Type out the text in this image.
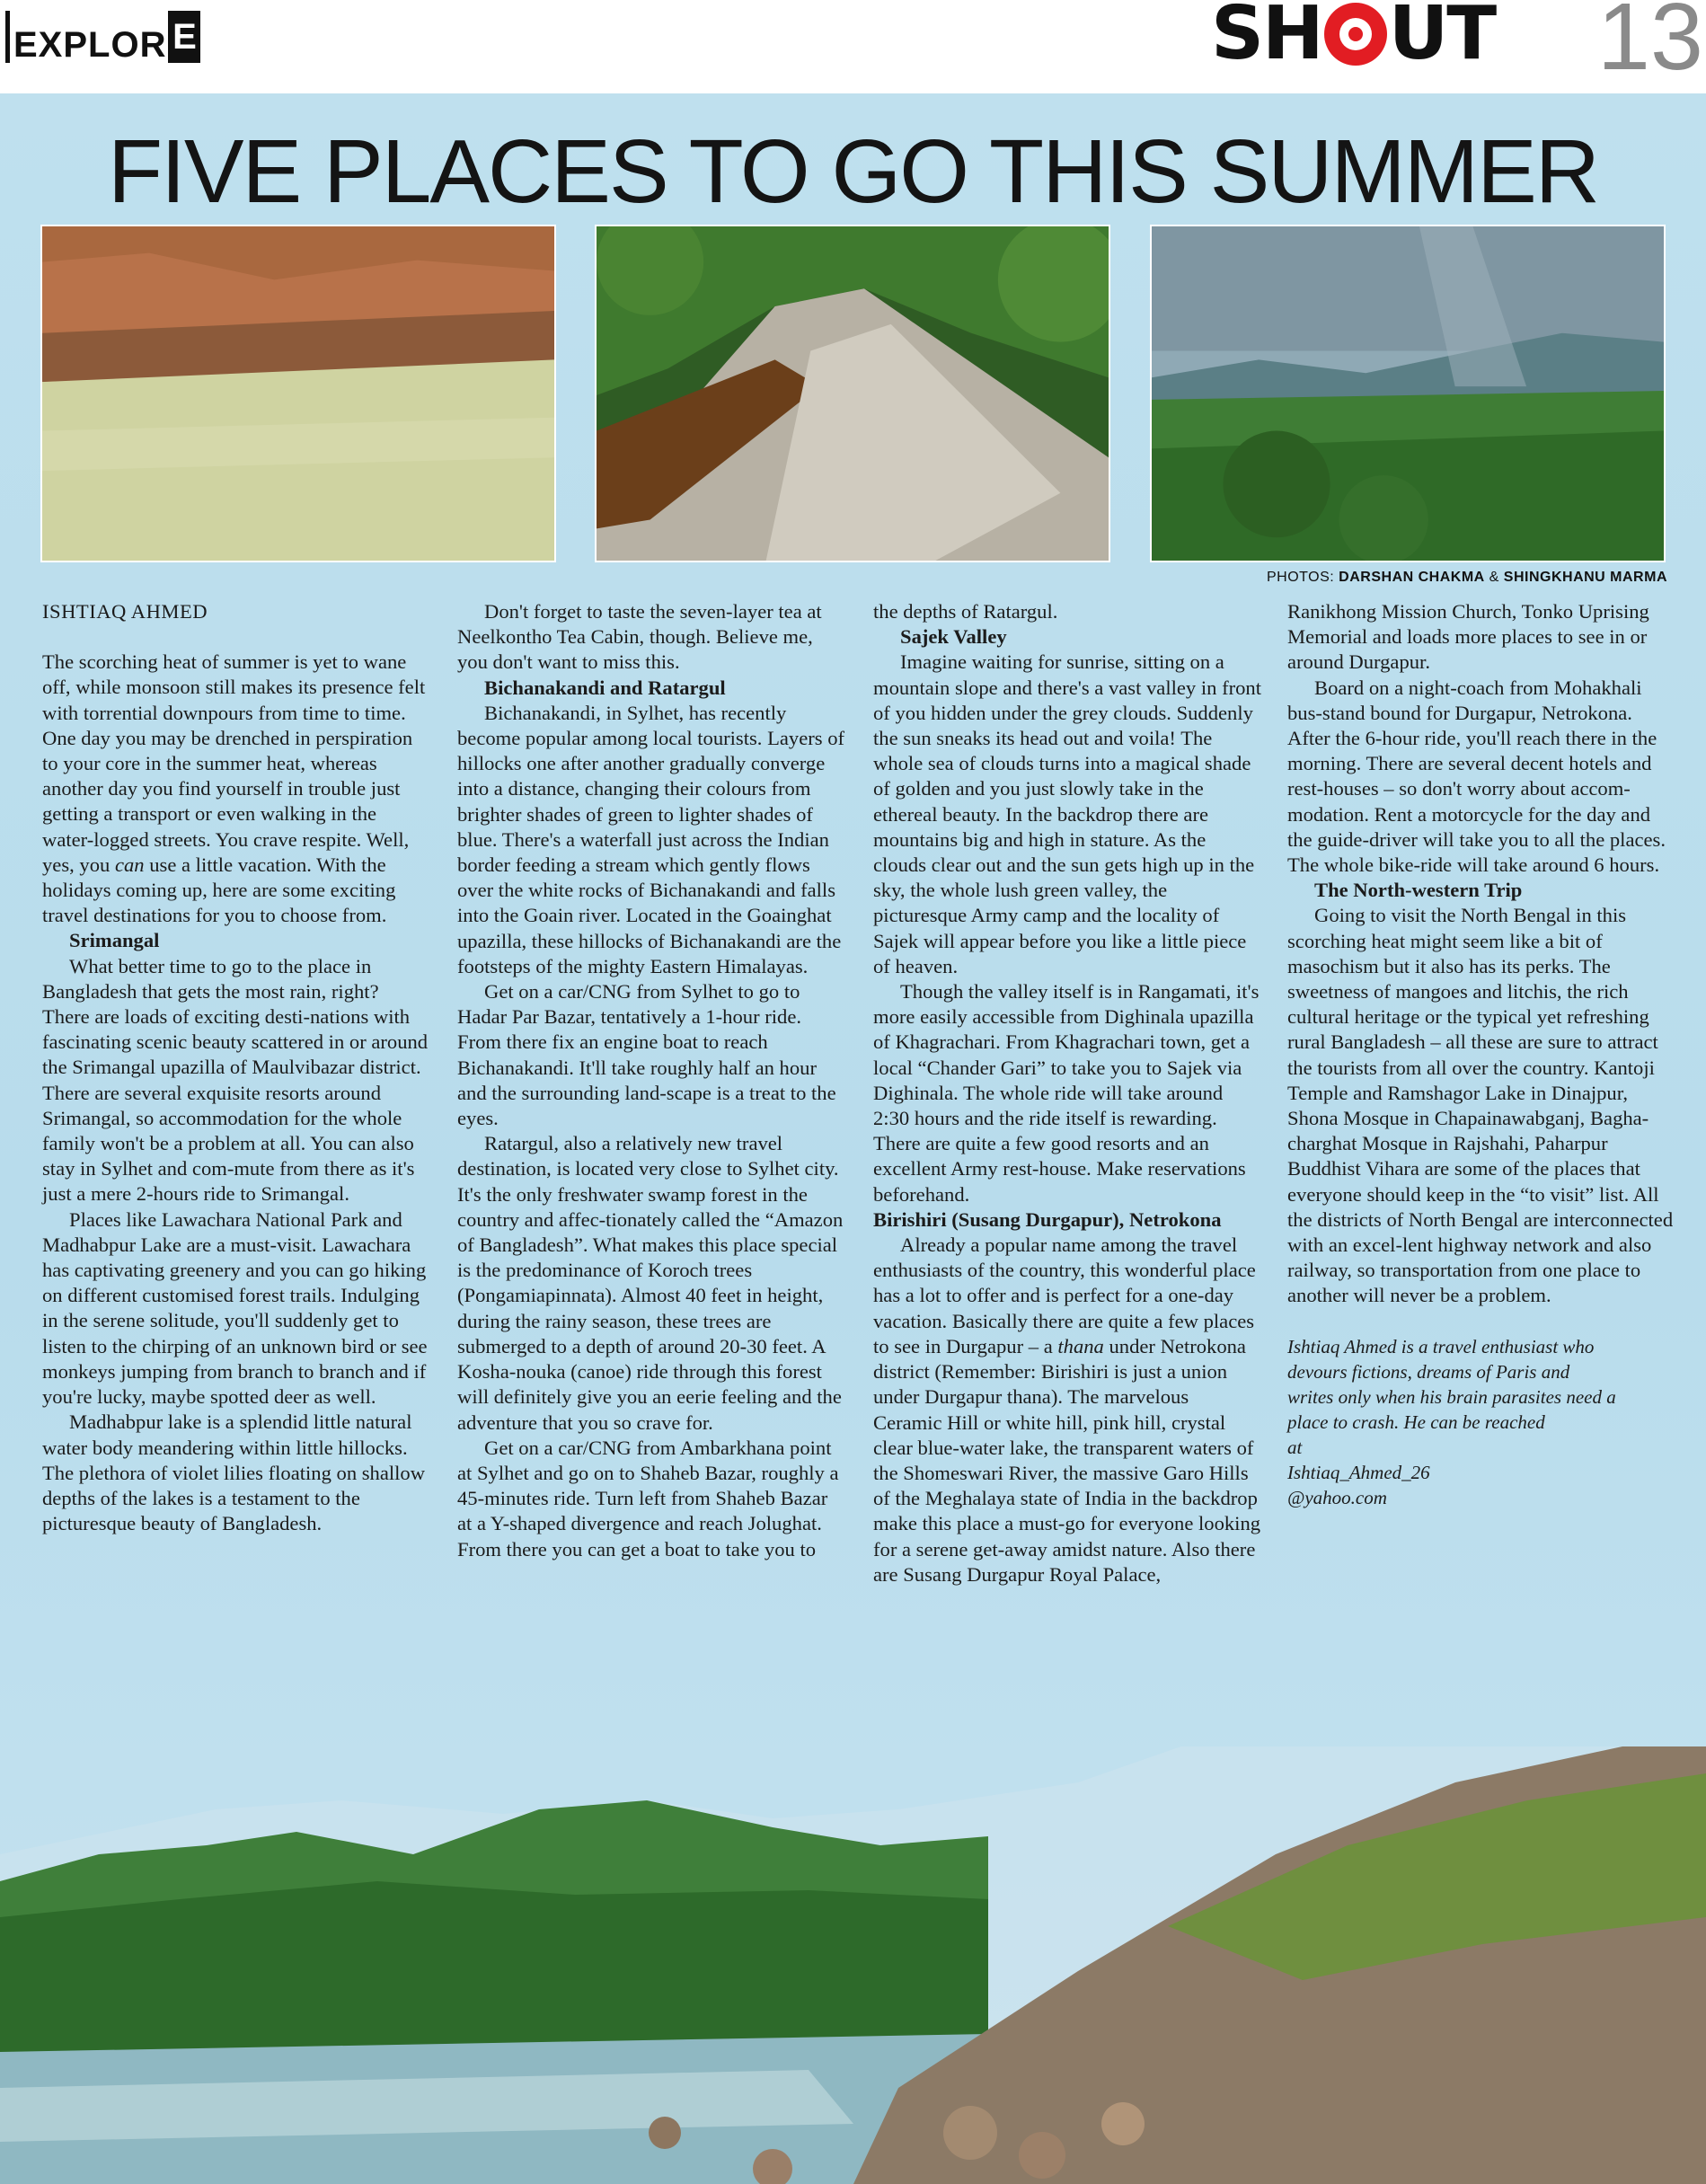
EXPLOR E	SH UT 13
FIVE PLACES TO GO THIS SUMMER
PHOTOS: DARSHAN CHAKMA & SHINGKHANU MARMA
ISHTIAQ AHMED

The scorching heat of summer is yet to wane off, while monsoon still makes its presence felt with torrential downpours from time to time. One day you may be drenched in perspiration to your core in the summer heat, whereas another day you find yourself in trouble just getting a transport or even walking in the water-logged streets. You crave respite. Well, yes, you can use a little vacation. With the holidays coming up, here are some exciting travel destinations for you to choose from.

Srimangal

What better time to go to the place in Bangladesh that gets the most rain, right? There are loads of exciting desti-nations with fascinating scenic beauty scattered in or around the Srimangal upazilla of Maulvibazar district. There are several exquisite resorts around Srimangal, so accommodation for the whole family won't be a problem at all. You can also stay in Sylhet and com-mute from there as it's just a mere 2-hours ride to Srimangal.

Places like Lawachara National Park and Madhabpur Lake are a must-visit. Lawachara has captivating greenery and you can go hiking on different customised forest trails. Indulging in the serene solitude, you'll suddenly get to listen to the chirping of an unknown bird or see monkeys jumping from branch to branch and if you're lucky, maybe spotted deer as well.

Madhabpur lake is a splendid little natural water body meandering within little hillocks. The plethora of violet lilies floating on shallow depths of the lakes is a testament to the picturesque beauty of Bangladesh.

Don't forget to taste the seven-layer tea at Neelkontho Tea Cabin, though. Believe me, you don't want to miss this.

Bichanakandi and Ratargul

Bichanakandi, in Sylhet, has recently become popular among local tourists. Layers of hillocks one after another gradually converge into a distance, changing their colours from brighter shades of green to lighter shades of blue. There's a waterfall just across the Indian border feeding a stream which gently flows over the white rocks of Bichanakandi and falls into the Goain river. Located in the Goainghat upazilla, these hillocks of Bichanakandi are the footsteps of the mighty Eastern Himalayas.

Get on a car/CNG from Sylhet to go to Hadar Par Bazar, tentatively a 1-hour ride. From there fix an engine boat to reach Bichanakandi. It'll take roughly half an hour and the surrounding land-scape is a treat to the eyes.

Ratargul, also a relatively new travel destination, is located very close to Sylhet city. It's the only freshwater swamp forest in the country and affec-tionately called the “Amazon of Bangladesh”. What makes this place special is the predominance of Koroch trees (Pongamiapinnata). Almost 40 feet in height, during the rainy season, these trees are submerged to a depth of around 20-30 feet. A Kosha-nouka (canoe) ride through this forest will definitely give you an eerie feeling and the adventure that you so crave for.

Get on a car/CNG from Ambarkhana point at Sylhet and go on to Shaheb Bazar, roughly a 45-minutes ride. Turn left from Shaheb Bazar at a Y-shaped divergence and reach Jolughat. From there you can get a boat to take you to

the depths of Ratargul.

Sajek Valley

Imagine waiting for sunrise, sitting on a mountain slope and there's a vast valley in front of you hidden under the grey clouds. Suddenly the sun sneaks its head out and voila! The whole sea of clouds turns into a magical shade of golden and you just slowly take in the ethereal beauty. In the backdrop there are mountains big and high in stature. As the clouds clear out and the sun gets high up in the sky, the whole lush green valley, the picturesque Army camp and the locality of Sajek will appear before you like a little piece of heaven.

Though the valley itself is in Rangamati, it's more easily accessible from Dighinala upazilla of Khagrachari. From Khagrachari town, get a local “Chander Gari” to take you to Sajek via Dighinala. The whole ride will take around 2:30 hours and the ride itself is rewarding. There are quite a few good resorts and an excellent Army rest-house. Make reservations beforehand.

Birishiri (Susang Durgapur), Netrokona

Already a popular name among the travel enthusiasts of the country, this wonderful place has a lot to offer and is perfect for a one-day vacation. Basically there are quite a few places to see in Durgapur – a thana under Netrokona district (Remember: Birishiri is just a union under Durgapur thana). The marvelous Ceramic Hill or white hill, pink hill, crystal clear blue-water lake, the transparent waters of the Shomeswari River, the massive Garo Hills of the Meghalaya state of India in the backdrop make this place a must-go for everyone looking for a serene get-away amidst nature. Also there are Susang Durgapur Royal Palace,

Ranikhong Mission Church, Tonko Uprising Memorial and loads more places to see in or around Durgapur.

Board on a night-coach from Mohakhali bus-stand bound for Durgapur, Netrokona. After the 6-hour ride, you'll reach there in the morning. There are several decent hotels and rest-houses – so don't worry about accom-modation. Rent a motorcycle for the day and the guide-driver will take you to all the places. The whole bike-ride will take around 6 hours.

The North-western Trip

Going to visit the North Bengal in this scorching heat might seem like a bit of masochism but it also has its perks. The sweetness of mangoes and litchis, the rich cultural heritage or the typical yet refreshing rural Bangladesh – all these are sure to attract the tourists from all over the country. Kantoji Temple and Ramshagor Lake in Dinajpur, Shona Mosque in Chapainawabganj, Bagha-charghat Mosque in Rajshahi, Paharpur Buddhist Vihara are some of the places that everyone should keep in the “to visit” list. All the districts of North Bengal are interconnected with an excel-lent highway network and also railway, so transportation from one place to another will never be a problem.

Ishtiaq Ahmed is a travel enthusiast who devours fictions, dreams of Paris and writes only when his brain parasites need a place to crash. He can be reached
at
Ishtiaq_Ahmed_26
@yahoo.com
